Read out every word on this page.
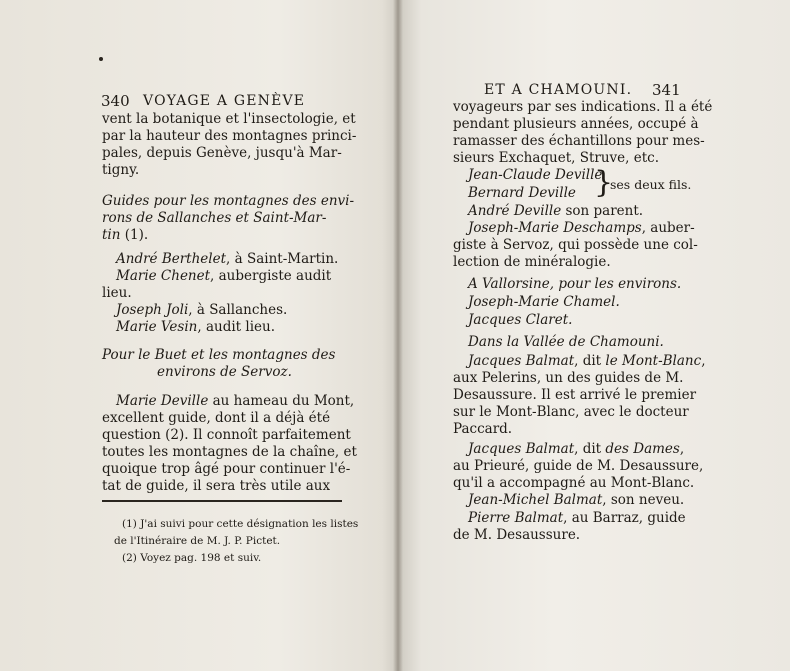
340 VOYAGE A GENÈVE
vent la botanique et l'insectologie, et
par la hauteur des montagnes princi-
pales, depuis Genève, jusqu'à Mar-
tigny.
Guides pour les montagnes des envi-
rons de Sallanches et Saint-Mar-
tin (1).
André Berthelet, à Saint-Martin.
Marie Chenet, aubergiste audit
lieu.
Joseph Joli, à Sallanches.
Marie Vesin, audit lieu.
Pour le Buet et les montagnes des
environs de Servoz.
Marie Deville au hameau du Mont,
excellent guide, dont il a déjà été
question (2). Il connoît parfaitement
toutes les montagnes de la chaîne, et
quoique trop âgé pour continuer l'é-
tat de guide, il sera très utile aux
(1) J'ai suivi pour cette désignation les listes
de l'Itinéraire de M. J. P. Pictet.
(2) Voyez pag. 198 et suiv.
ET A CHAMOUNI. 341
voyageurs par ses indications. Il a été
pendant plusieurs années, occupé à
ramasser des échantillons pour mes-
sieurs Exchaquet, Struve, etc.
Jean-Claude Deville
Bernard Deville }
ses deux fils.
André Deville son parent.
Joseph-Marie Deschamps, auber-
giste à Servoz, qui possède une col-
lection de minéralogie.
A Vallorsine, pour les environs.
Joseph-Marie Chamel.
Jacques Claret.
Dans la Vallée de Chamouni.
Jacques Balmat, dit le Mont-Blanc,
aux Pelerins, un des guides de M.
Desaussure. Il est arrivé le premier
sur le Mont-Blanc, avec le docteur
Paccard.
Jacques Balmat, dit des Dames,
au Prieuré, guide de M. Desaussure,
qu'il a accompagné au Mont-Blanc.
Jean-Michel Balmat, son neveu.
Pierre Balmat, au Barraz, guide
de M. Desaussure.
